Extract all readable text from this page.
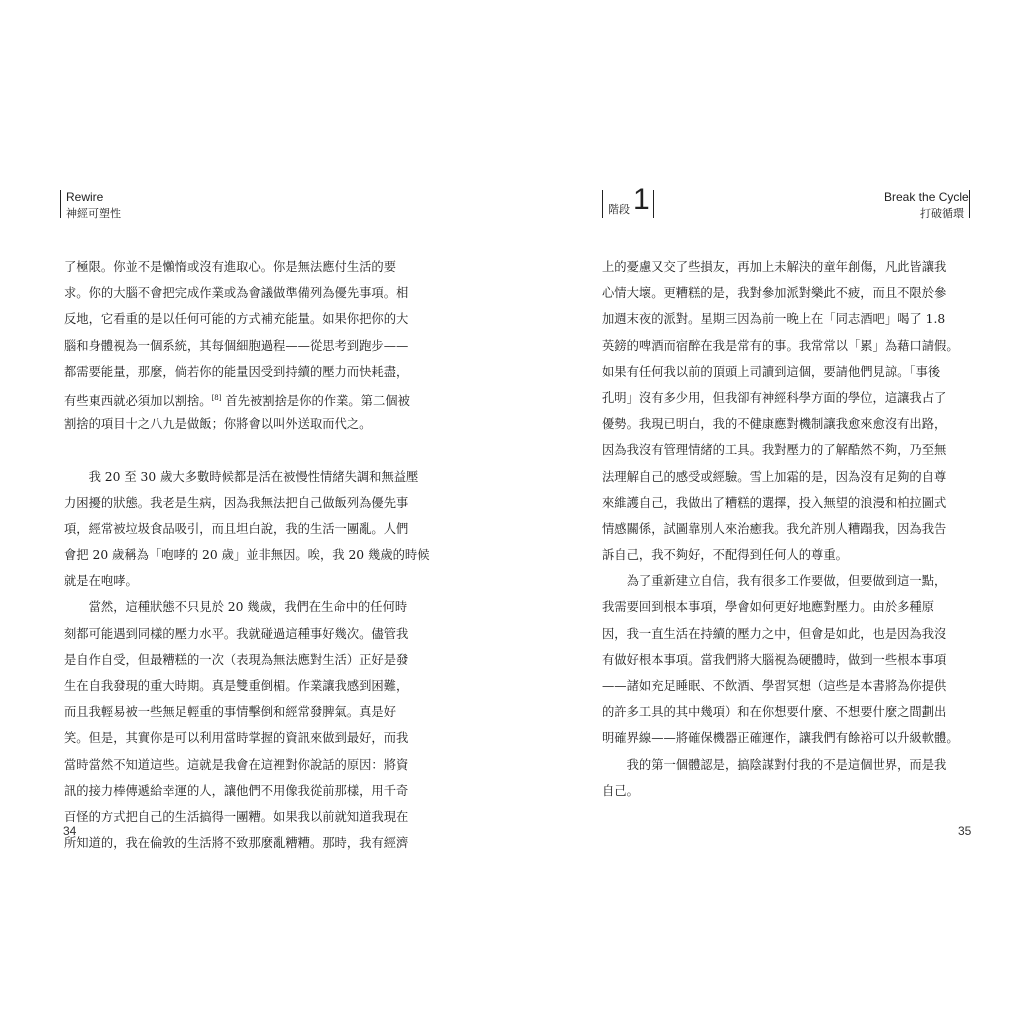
Rewire
神經可塑性
了極限。你並不是懶惰或沒有進取心。你是無法應付生活的要
求。你的大腦不會把完成作業或為會議做準備列為優先事項。相
反地，它看重的是以任何可能的方式補充能量。如果你把你的大
腦和身體視為一個系統，其每個細胞過程——從思考到跑步——
都需要能量，那麼，倘若你的能量因受到持續的壓力而快耗盡，
有些東西就必須加以割捨。[8] 首先被割捨是你的作業。第二個被
割捨的項目十之八九是做飯；你將會以叫外送取而代之。
　　我 20 至 30 歲大多數時候都是活在被慢性情緒失調和無益壓
力困擾的狀態。我老是生病，因為我無法把自己做飯列為優先事
項，經常被垃圾食品吸引，而且坦白說，我的生活一團亂。人們
會把 20 歲稱為「咆哮的 20 歲」並非無因。唉，我 20 幾歲的時候
就是在咆哮。
　　當然，這種狀態不只見於 20 幾歲，我們在生命中的任何時
刻都可能遇到同樣的壓力水平。我就碰過這種事好幾次。儘管我
是自作自受，但最糟糕的一次（表現為無法應對生活）正好是發
生在自我發現的重大時期。真是雙重倒楣。作業讓我感到困難，
而且我輕易被一些無足輕重的事情擊倒和經常發脾氣。真是好
笑。但是，其實你是可以利用當時掌握的資訊來做到最好，而我
當時當然不知道這些。這就是我會在這裡對你說話的原因：將資
訊的接力棒傳遞給幸運的人，讓他們不用像我從前那樣，用千奇
百怪的方式把自己的生活搞得一團糟。如果我以前就知道我現在
所知道的，我在倫敦的生活將不致那麼亂糟糟。那時，我有經濟
34
階段 1	Break the Cycle
打破循環
上的憂慮又交了些損友，再加上未解決的童年創傷，凡此皆讓我
心情大壞。更糟糕的是，我對參加派對樂此不疲，而且不限於參
加週末夜的派對。星期三因為前一晚上在「同志酒吧」喝了 1.8
英鎊的啤酒而宿醉在我是常有的事。我常常以「累」為藉口請假。
如果有任何我以前的頂頭上司讀到這個，要請他們見諒。「事後
孔明」沒有多少用，但我卻有神經科學方面的學位，這讓我占了
優勢。我現已明白，我的不健康應對機制讓我愈來愈沒有出路，
因為我沒有管理情緒的工具。我對壓力的了解酷然不夠，乃至無
法理解自己的感受或經驗。雪上加霜的是，因為沒有足夠的自尊
來維護自己，我做出了糟糕的選擇，投入無望的浪漫和柏拉圖式
情感關係，試圖靠別人來治癒我。我允許別人糟蹋我，因為我告
訴自己，我不夠好，不配得到任何人的尊重。
　　為了重新建立自信，我有很多工作要做，但要做到這一點，
我需要回到根本事項，學會如何更好地應對壓力。由於多種原
因，我一直生活在持續的壓力之中，但會是如此，也是因為我沒
有做好根本事項。當我們將大腦視為硬體時，做到一些根本事項
——諸如充足睡眠、不飲酒、學習冥想（這些是本書將為你提供
的許多工具的其中幾項）和在你想要什麼、不想要什麼之間劃出
明確界線——將確保機器正確運作，讓我們有餘裕可以升級軟體。
　　我的第一個體認是，搞陰謀對付我的不是這個世界，而是我
自己。
35
